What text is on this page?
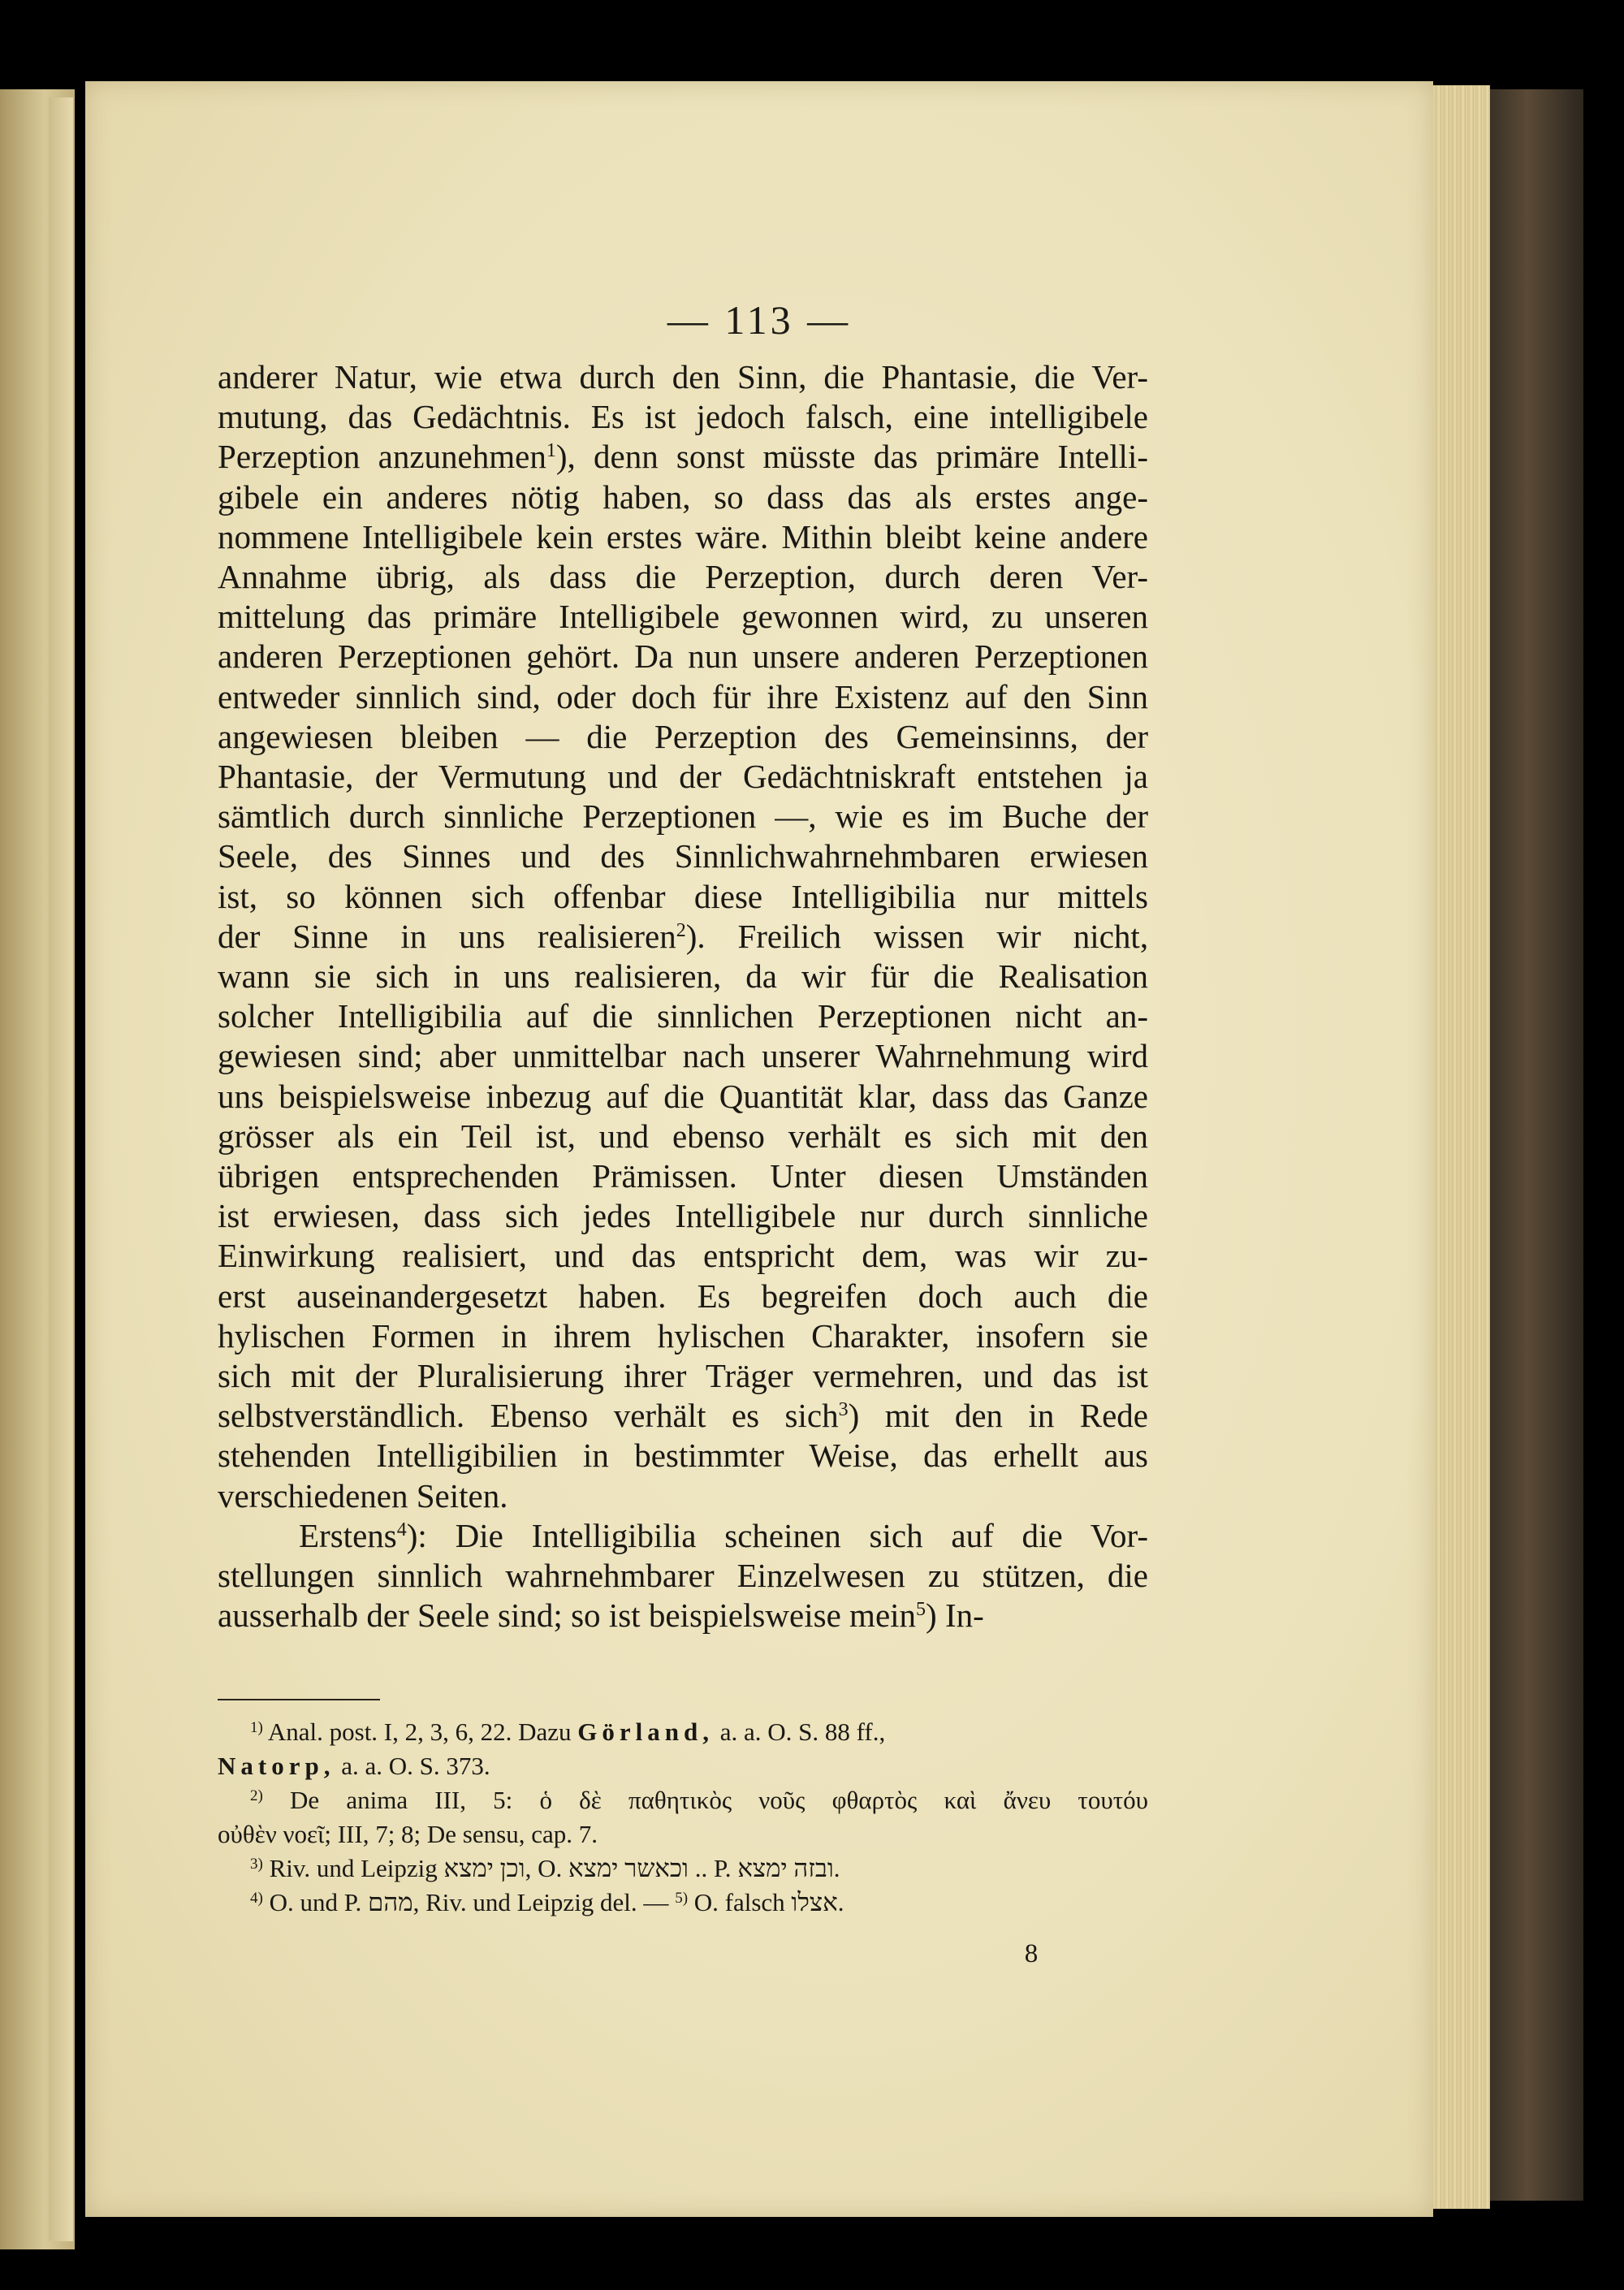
— 113 —
anderer Natur, wie etwa durch den Sinn, die Phantasie, die Ver-
mutung, das Gedächtnis. Es ist jedoch falsch, eine intelligibele
Perzeption anzunehmen$^1$), denn sonst müsste das primäre Intelli-
gibele ein anderes nötig haben, so dass das als erstes ange-
nommene Intelligibele kein erstes wäre. Mithin bleibt keine andere
Annahme übrig, als dass die Perzeption, durch deren Ver-
mittelung das primäre Intelligibele gewonnen wird, zu unseren
anderen Perzeptionen gehört. Da nun unsere anderen Perzeptionen
entweder sinnlich sind, oder doch für ihre Existenz auf den Sinn
angewiesen bleiben — die Perzeption des Gemeinsinns, der
Phantasie, der Vermutung und der Gedächtniskraft entstehen ja
sämtlich durch sinnliche Perzeptionen —, wie es im Buche der
Seele, des Sinnes und des Sinnlichwahrnehmbaren erwiesen
ist, so können sich offenbar diese Intelligibilia nur mittels
der Sinne in uns realisieren$^2$). Freilich wissen wir nicht,
wann sie sich in uns realisieren, da wir für die Realisation
solcher Intelligibilia auf die sinnlichen Perzeptionen nicht an-
gewiesen sind; aber unmittelbar nach unserer Wahrnehmung wird
uns beispielsweise inbezug auf die Quantität klar, dass das Ganze
grösser als ein Teil ist, und ebenso verhält es sich mit den
übrigen entsprechenden Prämissen. Unter diesen Umständen
ist erwiesen, dass sich jedes Intelligibele nur durch sinnliche
Einwirkung realisiert, und das entspricht dem, was wir zu-
erst auseinandergesetzt haben. Es begreifen doch auch die
hylischen Formen in ihrem hylischen Charakter, insofern sie
sich mit der Pluralisierung ihrer Träger vermehren, und das ist
selbstverständlich. Ebenso verhält es sich$^3$) mit den in Rede
stehenden Intelligibilien in bestimmter Weise, das erhellt aus
verschiedenen Seiten.
Erstens$^4$): Die Intelligibilia scheinen sich auf die Vor-
stellungen sinnlich wahrnehmbarer Einzelwesen zu stützen, die
ausserhalb der Seele sind; so ist beispielsweise mein$^5$) In-
$^{1)}$ Anal. post. I, 2, 3, 6, 22. Dazu Görland, a. a. O. S. 88 ff.,
Natorp, a. a. O. S. 373.
$^{2)}$ De anima III, 5: ὁ δὲ παθητικὸς νοῦς φθαρτὸς καὶ ἄνευ τουτόυ
οὐθὲν νοεῖ; III, 7; 8; De sensu, cap. 7.
$^{3)}$ Riv. und Leipzig וכן ימצא, O. וכאשר ימצא .. P. ובזה ימצא.
$^{4)}$ O. und P. מהם, Riv. und Leipzig del. — $^{5)}$ O. falsch אצלו.
8
